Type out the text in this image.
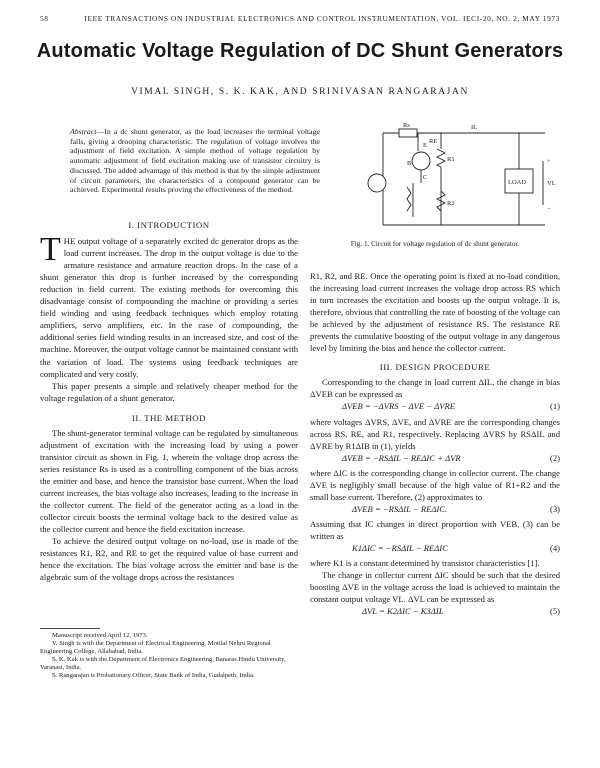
58	IEEE TRANSACTIONS ON INDUSTRIAL ELECTRONICS AND CONTROL INSTRUMENTATION, VOL. IECI-20, NO. 2, MAY 1973
Automatic Voltage Regulation of DC Shunt Generators
VIMAL SINGH, S. K. KAK, AND SRINIVASAN RANGARAJAN
Abstract—In a dc shunt generator, as the load increases the terminal voltage falls, giving a drooping characteristic. The regulation of voltage involves the adjustment of field excitation. A simple method of voltage regulation by automatic adjustment of field excitation making use of transistor circuitry is discussed. The added advantage of this method is that by the simple adjustment of circuit parameters, the characteristics of a compound generator can be achieved. Experimental results proving the effectiveness of the method.
Rs	IL
E
C
B
R1
RE
R2
LOAD	VL
+
−
Fig. 1. Circuit for voltage regulation of dc shunt generator.
I. INTRODUCTION
THE output voltage of a separately excited dc generator drops as the load current increases. The drop in the output voltage is due to the armature resistance and armature reaction drops. In the case of a shunt generator this drop is further increased by the corresponding reduction in field current. The existing methods for overcoming this disadvantage consist of compounding the machine or providing a series field winding and using feedback techniques which employ rotating amplifiers, servo amplifiers, etc. In the case of compounding, the additional series field winding results in an increased size, and cost of the machine. Moreover, the output voltage cannot be maintained constant with the variation of load. The systems using feedback techniques are complicated and very costly.
This paper presents a simple and relatively cheaper method for the voltage regulation of a shunt generator.
II. THE METHOD
The shunt-generator terminal voltage can be regulated by simultaneous adjustment of excitation with the increasing load by using a power transistor circuit as shown in Fig. 1, wherein the voltage drop across the series resistance Rs is used as a controlling component of the bias across the emitter and base, and hence the transistor base current. When the load current increases, the bias voltage also increases, leading to the increase in the collector current. The field of the generator acting as a load in the collector circuit boosts the terminal voltage back to the desired value as the collector current and hence the field excitation increase.
To achieve the desired output voltage on no-load, use is made of the resistances R1, R2, and RE to get the required value of base current and hence the excitation. The bias voltage across the emitter and base is the algebraic sum of the voltage drops across the resistances
Manuscript received April 12, 1973.
V. Singh is with the Department of Electrical Engineering, Motilal Nehru Regional Engineering College, Allahabad, India.
S. K. Kak is with the Department of Electronics Engineering, Banaras Hindu University, Varanasi, India.
S. Rangarajan is Probationary Officer, State Bank of India, Gudalpeth, India.
R1, R2, and RE. Once the operating point is fixed at no-load condition, the increasing load current increases the voltage drop across RS which in turn increases the excitation and boosts up the output voltage. It is, therefore, obvious that controlling the rate of boosting of the voltage can be achieved by the adjustment of resistance RS. The resistance RE prevents the cumulative boosting of the output voltage in any dangerous level by limiting the bias and hence the collector current.
III. DESIGN PROCEDURE
Corresponding to the change in load current ΔIL, the change in bias ΔVEB can be expressed as
ΔVEB = −ΔVRS − ΔVE − ΔVRE	(1)
where voltages ΔVRS, ΔVE, and ΔVRE are the corresponding changes across RS, RE, and R1, respectively. Replacing ΔVRS by RSΔIL and ΔVRE by R1ΔIB in (1), yields
ΔVEB = −RSΔIL − REΔIC + ΔVR	(2)
where ΔIC is the corresponding change in collector current. The change ΔVE is negligibly small because of the high value of R1+R2 and the small base current. Therefore, (2) approximates to
ΔVEB = −RSΔIL − REΔIC.	(3)
Assuming that IC changes in direct proportion with VEB, (3) can be written as
K1ΔIC = −RSΔIL − REΔIC	(4)
where K1 is a constant determined by transistor characteristics [1].
The change in collector current ΔIC should be such that the desired boosting ΔVE in the voltage across the load is achieved to maintain the constant output voltage VL. ΔVL can be expressed as
ΔVL = K2ΔIC − K3ΔIL	(5)
